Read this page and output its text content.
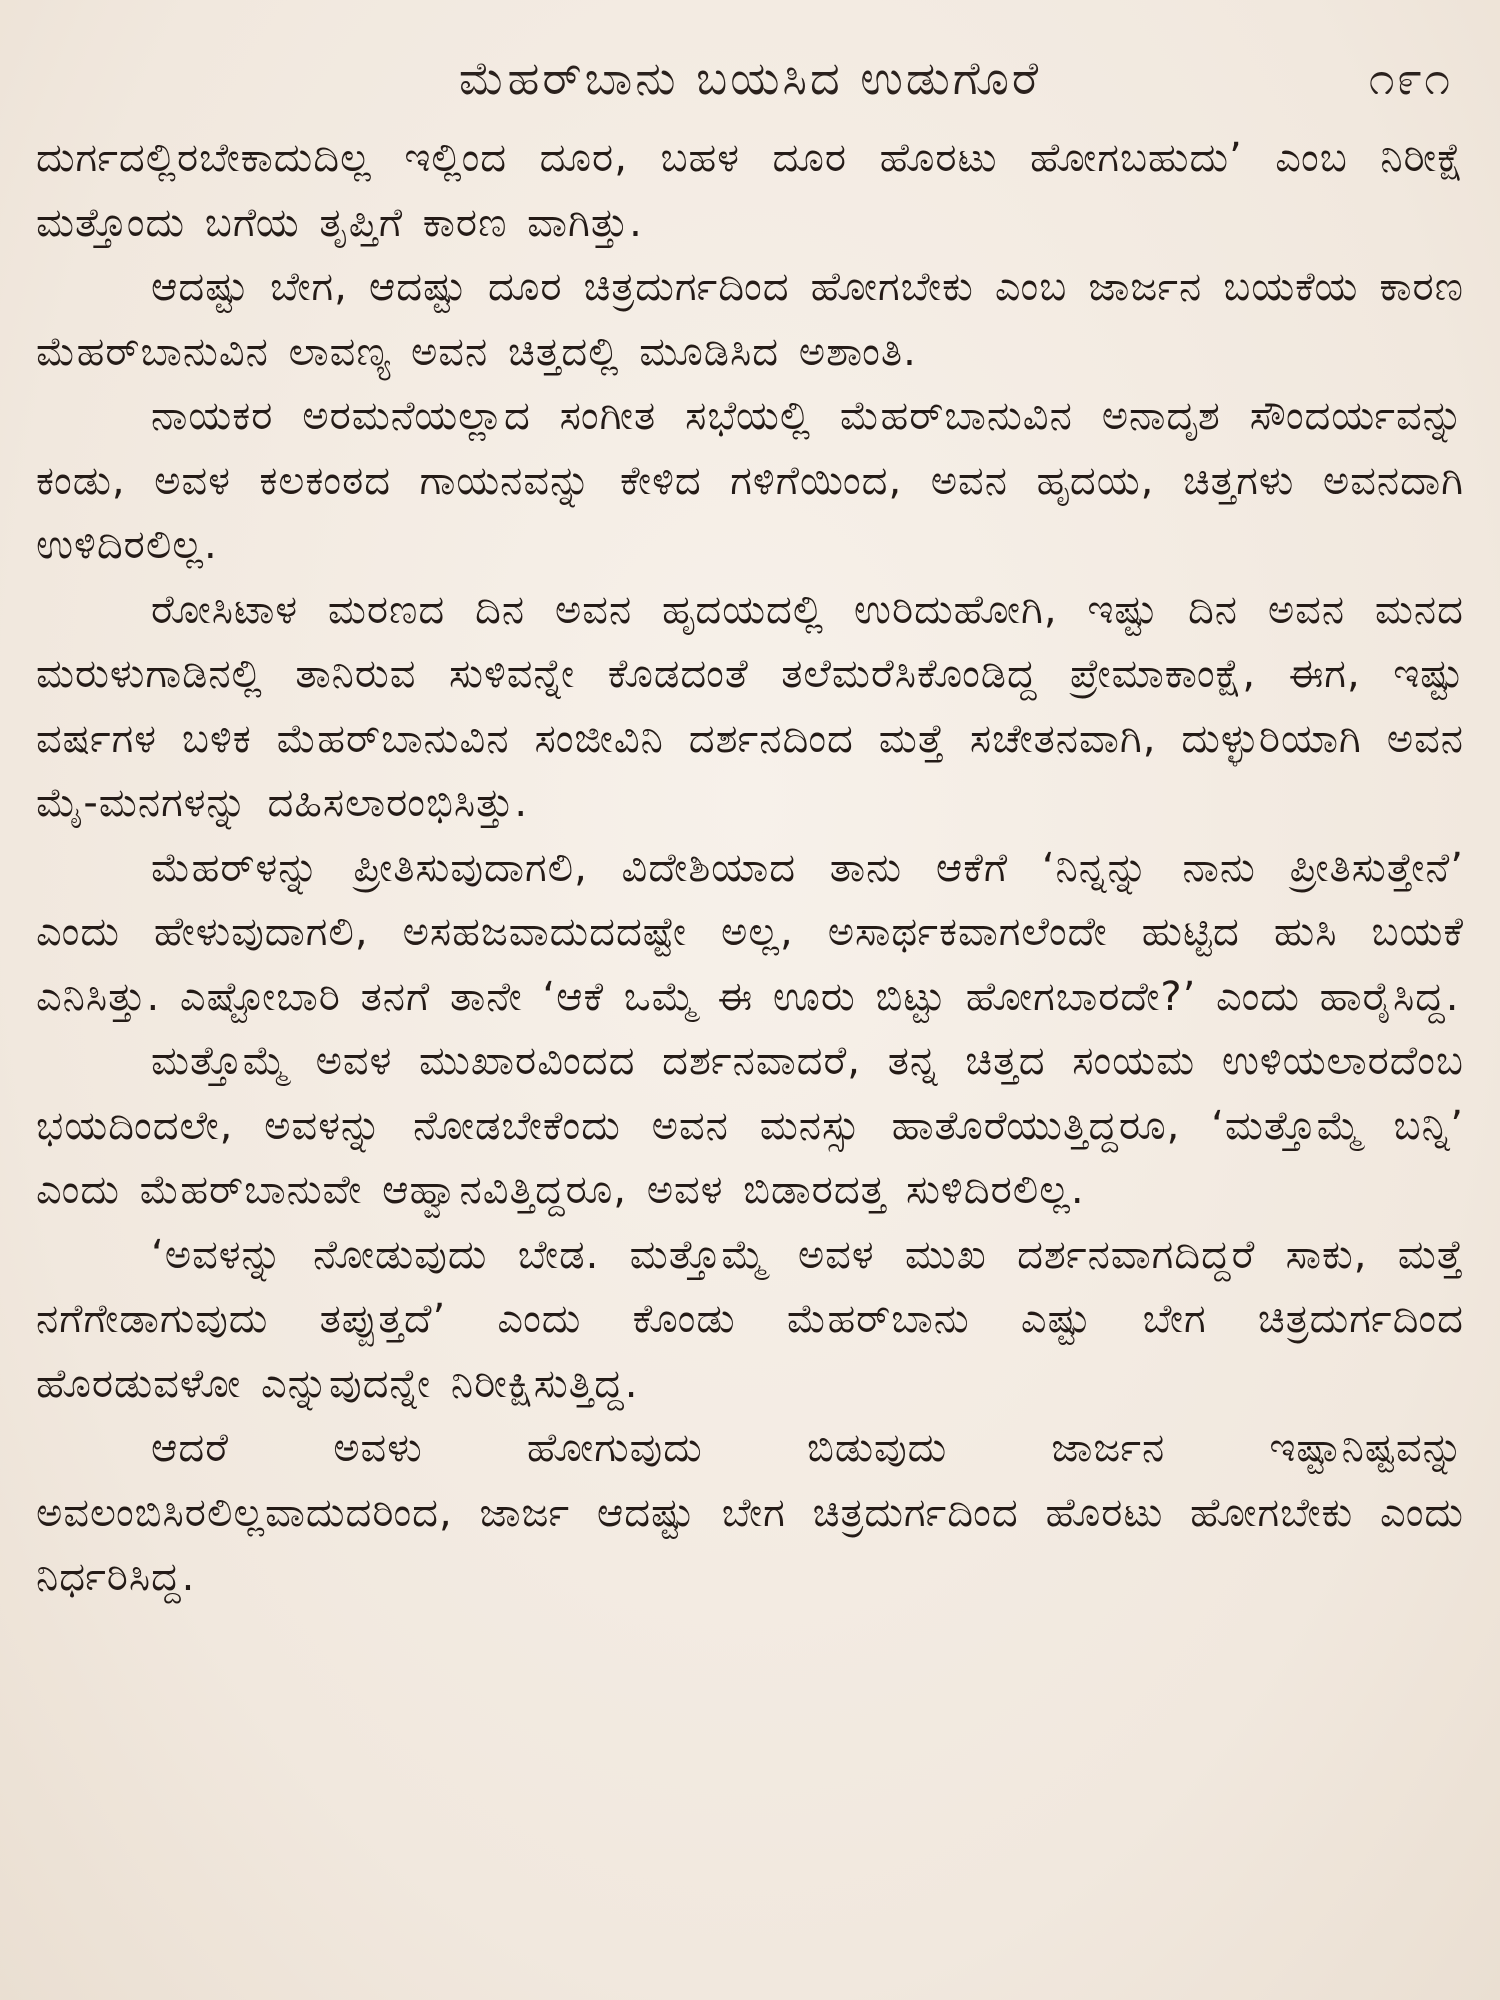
ಮೆಹರ್‌ಬಾನು ಬಯಸಿದ ಉಡುಗೊರೆ	೧೯೧

ದುರ್ಗದಲ್ಲಿರಬೇಕಾದುದಿಲ್ಲ ಇಲ್ಲಿಂದ ದೂರ, ಬಹಳ ದೂರ ಹೊರಟು ಹೋಗಬಹುದು’ ಎಂಬ ನಿರೀಕ್ಷೆ ಮತ್ತೊಂದು ಬಗೆಯ ತೃಪ್ತಿಗೆ ಕಾರಣ ವಾಗಿತ್ತು.

ಆದಷ್ಟು ಬೇಗ, ಆದಷ್ಟು ದೂರ ಚಿತ್ರದುರ್ಗದಿಂದ ಹೋಗಬೇಕು ಎಂಬ ಜಾರ್ಜನ ಬಯಕೆಯ ಕಾರಣ ಮೆಹರ್‌ಬಾನುವಿನ ಲಾವಣ್ಯ ಅವನ ಚಿತ್ತದಲ್ಲಿ ಮೂಡಿಸಿದ ಅಶಾಂತಿ.

ನಾಯಕರ ಅರಮನೆಯಲ್ಲಾದ ಸಂಗೀತ ಸಭೆಯಲ್ಲಿ ಮೆಹರ್‌ಬಾನುವಿನ ಅನಾದೃಶ ಸೌಂದರ್ಯವನ್ನು ಕಂಡು, ಅವಳ ಕಲಕಂಠದ ಗಾಯನವನ್ನು ಕೇಳಿದ ಗಳಿಗೆಯಿಂದ, ಅವನ ಹೃದಯ, ಚಿತ್ತಗಳು ಅವನದಾಗಿ ಉಳಿದಿರಲಿಲ್ಲ.

ರೋಸಿಟಾಳ ಮರಣದ ದಿನ ಅವನ ಹೃದಯದಲ್ಲಿ ಉರಿದುಹೋಗಿ, ಇಷ್ಟು ದಿನ ಅವನ ಮನದ ಮರುಳುಗಾಡಿನಲ್ಲಿ ತಾನಿರುವ ಸುಳಿವನ್ನೇ ಕೊಡದಂತೆ ತಲೆಮರೆಸಿಕೊಂಡಿದ್ದ ಪ್ರೇಮಾಕಾಂಕ್ಷೆ, ಈಗ, ಇಷ್ಟು ವರ್ಷಗಳ ಬಳಿಕ ಮೆಹರ್‌ಬಾನುವಿನ ಸಂಜೀವಿನಿ ದರ್ಶನದಿಂದ ಮತ್ತೆ ಸಚೇತನವಾಗಿ, ದುಳ್ಳುರಿಯಾಗಿ ಅವನ ಮೈ-ಮನಗಳನ್ನು ದಹಿಸಲಾರಂಭಿಸಿತ್ತು.

ಮೆಹರ್‌ಳನ್ನು ಪ್ರೀತಿಸುವುದಾಗಲಿ, ವಿದೇಶಿಯಾದ ತಾನು ಆಕೆಗೆ ‘ನಿನ್ನನ್ನು ನಾನು ಪ್ರೀತಿಸುತ್ತೇನೆ’ ಎಂದು ಹೇಳುವುದಾಗಲಿ, ಅಸಹಜವಾದುದದಷ್ಟೇ ಅಲ್ಲ, ಅಸಾರ್ಥಕವಾಗಲೆಂದೇ ಹುಟ್ಟಿದ ಹುಸಿ ಬಯಕೆ ಎನಿಸಿತ್ತು. ಎಷ್ಟೋಬಾರಿ ತನಗೆ ತಾನೇ ‘ಆಕೆ ಒಮ್ಮೆ ಈ ಊರು ಬಿಟ್ಟು ಹೋಗಬಾರದೇ?’ ಎಂದು ಹಾರೈಸಿದ್ದ.

ಮತ್ತೊಮ್ಮೆ ಅವಳ ಮುಖಾರವಿಂದದ ದರ್ಶನವಾದರೆ, ತನ್ನ ಚಿತ್ತದ ಸಂಯಮ ಉಳಿಯಲಾರದೆಂಬ ಭಯದಿಂದಲೇ, ಅವಳನ್ನು ನೋಡಬೇಕೆಂದು ಅವನ ಮನಸ್ಸು ಹಾತೊರೆಯುತ್ತಿದ್ದರೂ, ‘ಮತ್ತೊಮ್ಮೆ ಬನ್ನಿ’ ಎಂದು ಮೆಹರ್‌ಬಾನುವೇ ಆಹ್ವಾನವಿತ್ತಿದ್ದರೂ, ಅವಳ ಬಿಡಾರದತ್ತ ಸುಳಿದಿರಲಿಲ್ಲ.

‘ಅವಳನ್ನು ನೋಡುವುದು ಬೇಡ. ಮತ್ತೊಮ್ಮೆ ಅವಳ ಮುಖ ದರ್ಶನವಾಗದಿದ್ದರೆ ಸಾಕು, ಮತ್ತೆ ನಗೆಗೇಡಾಗುವುದು ತಪ್ಪುತ್ತದೆ’ ಎಂದು ಕೊಂಡು ಮೆಹರ್‌ಬಾನು ಎಷ್ಟು ಬೇಗ ಚಿತ್ರದುರ್ಗದಿಂದ ಹೊರಡುವಳೋ ಎನ್ನುವುದನ್ನೇ ನಿರೀಕ್ಷಿಸುತ್ತಿದ್ದ.

ಆದರೆ ಅವಳು ಹೋಗುವುದು ಬಿಡುವುದು ಜಾರ್ಜನ ಇಷ್ಟಾನಿಷ್ಟವನ್ನು ಅವಲಂಬಿಸಿರಲಿಲ್ಲವಾದುದರಿಂದ, ಜಾರ್ಜ ಆದಷ್ಟು ಬೇಗ ಚಿತ್ರದುರ್ಗದಿಂದ ಹೊರಟು ಹೋಗಬೇಕು ಎಂದು ನಿರ್ಧರಿಸಿದ್ದ.
